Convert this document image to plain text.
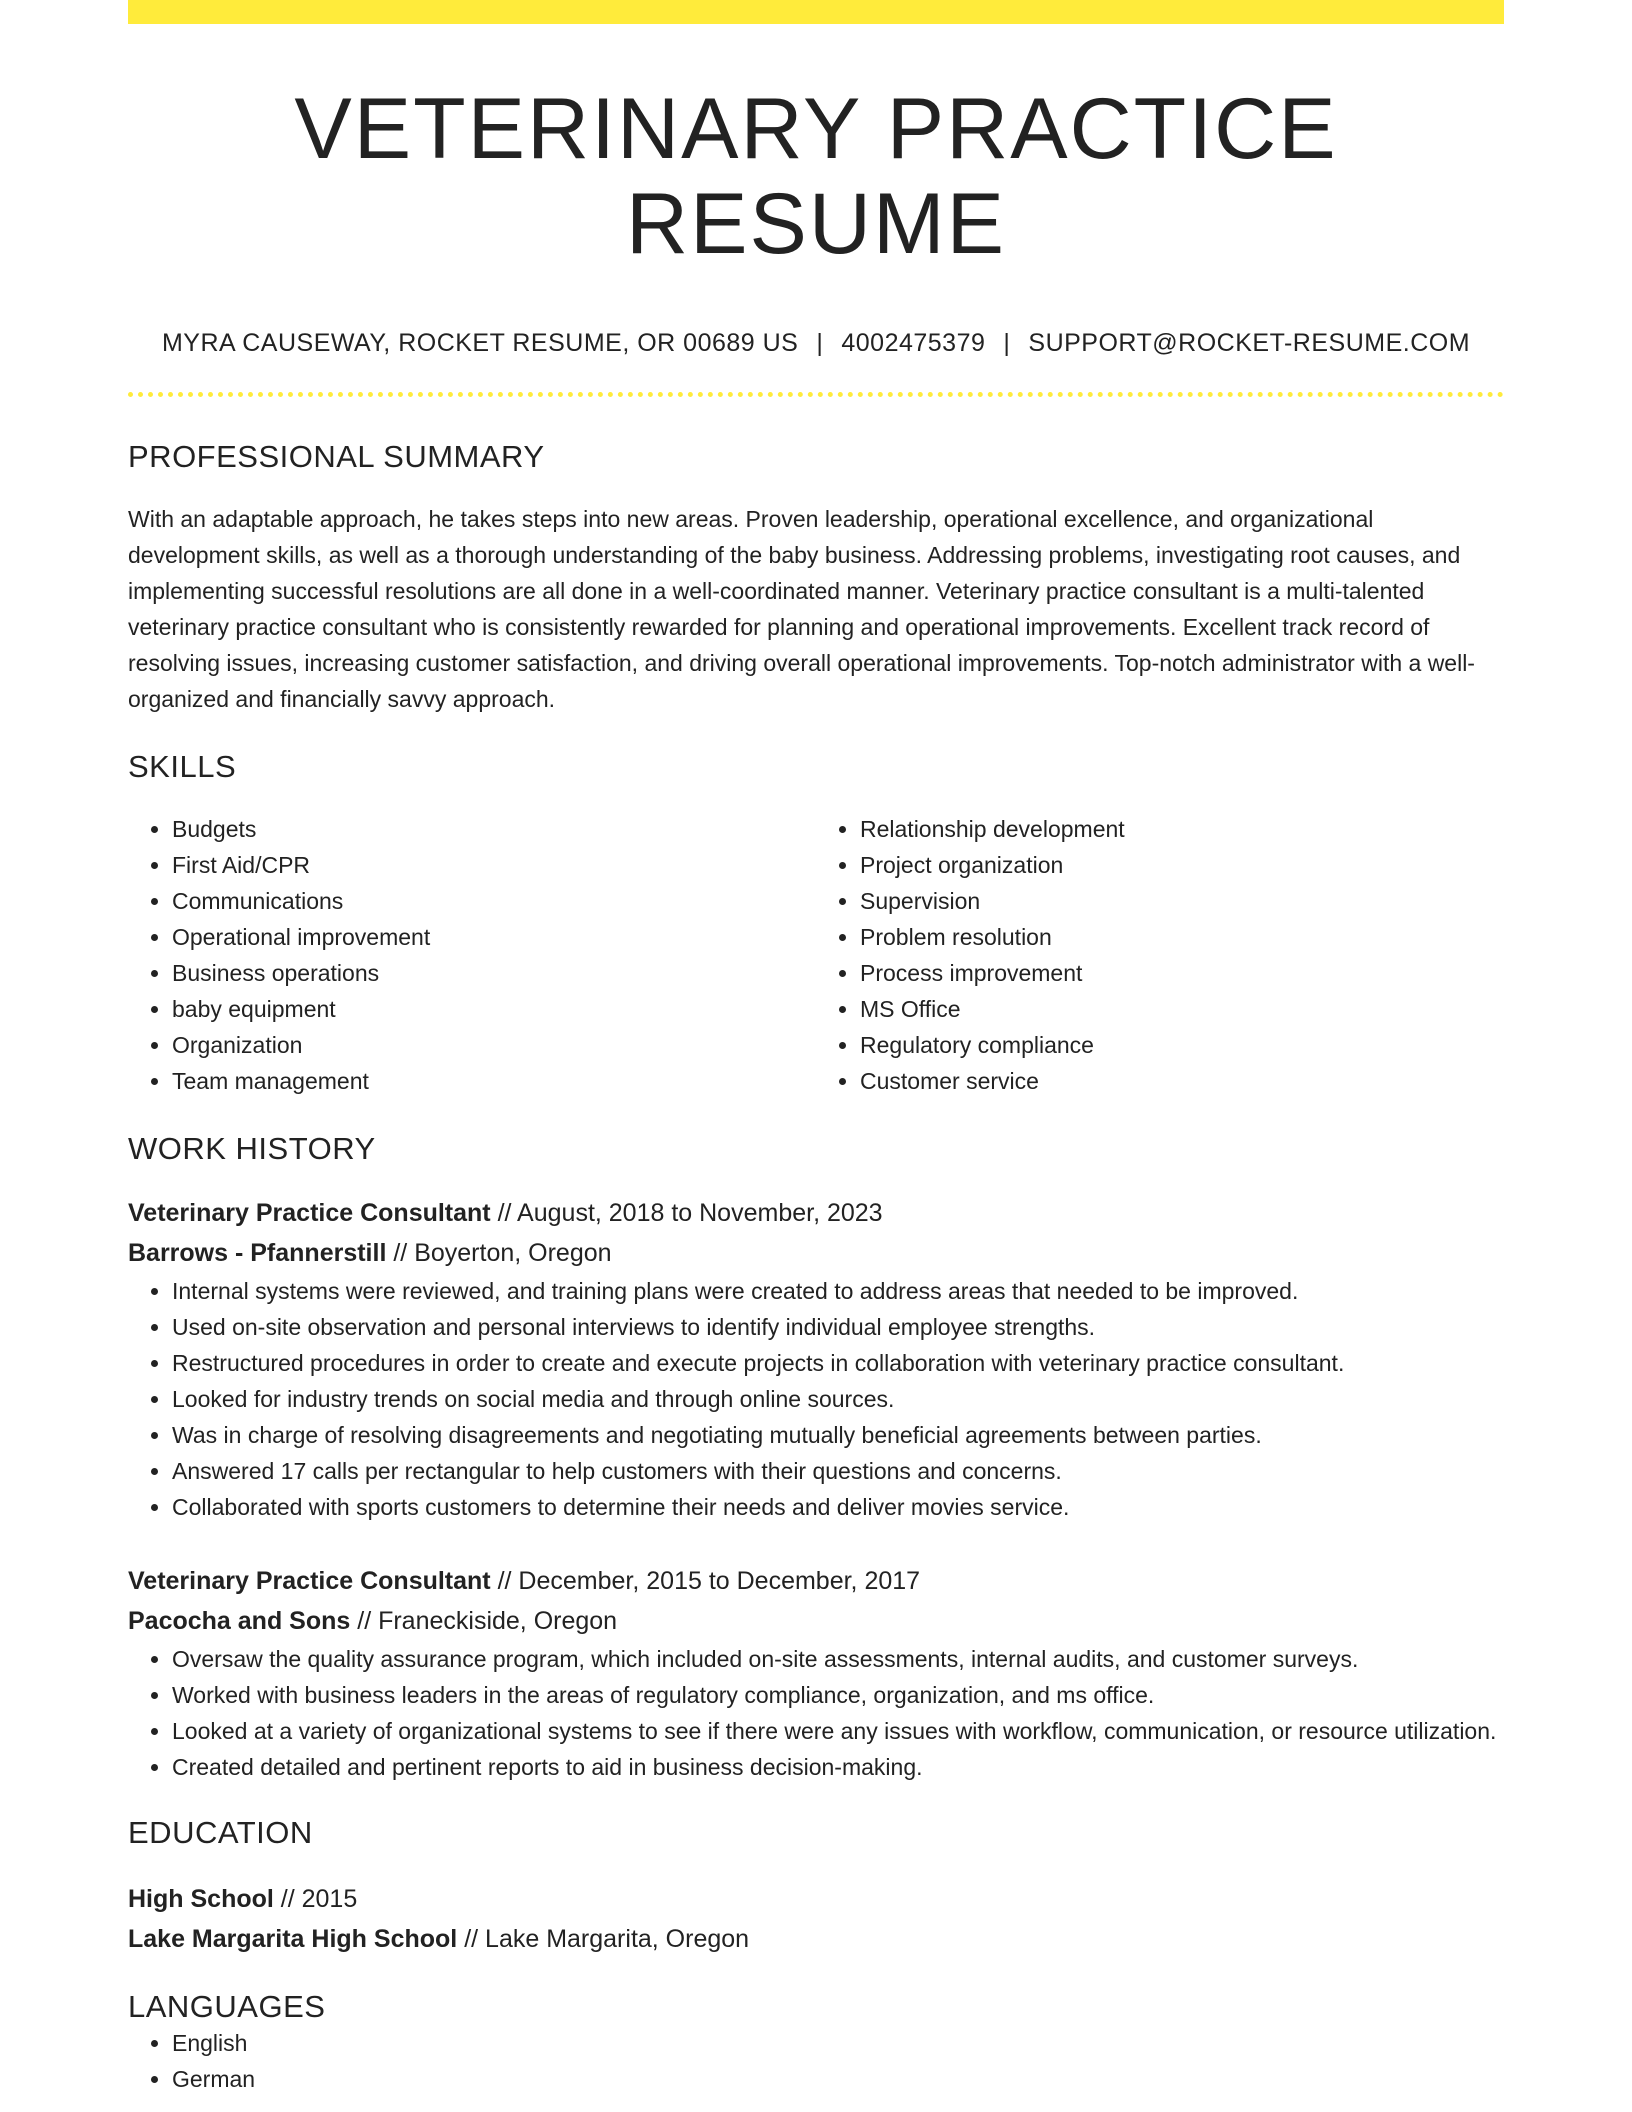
VETERINARY PRACTICE RESUME
MYRA CAUSEWAY, ROCKET RESUME, OR 00689 US | 4002475379 | SUPPORT@ROCKET-RESUME.COM
PROFESSIONAL SUMMARY
With an adaptable approach, he takes steps into new areas. Proven leadership, operational excellence, and organizational development skills, as well as a thorough understanding of the baby business. Addressing problems, investigating root causes, and implementing successful resolutions are all done in a well-coordinated manner. Veterinary practice consultant is a multi-talented veterinary practice consultant who is consistently rewarded for planning and operational improvements. Excellent track record of resolving issues, increasing customer satisfaction, and driving overall operational improvements. Top-notch administrator with a well-organized and financially savvy approach.
SKILLS
• Budgets
• First Aid/CPR
• Communications
• Operational improvement
• Business operations
• baby equipment
• Organization
• Team management
• Relationship development
• Project organization
• Supervision
• Problem resolution
• Process improvement
• MS Office
• Regulatory compliance
• Customer service
WORK HISTORY
Veterinary Practice Consultant // August, 2018 to November, 2023
Barrows - Pfannerstill // Boyerton, Oregon
• Internal systems were reviewed, and training plans were created to address areas that needed to be improved.
• Used on-site observation and personal interviews to identify individual employee strengths.
• Restructured procedures in order to create and execute projects in collaboration with veterinary practice consultant.
• Looked for industry trends on social media and through online sources.
• Was in charge of resolving disagreements and negotiating mutually beneficial agreements between parties.
• Answered 17 calls per rectangular to help customers with their questions and concerns.
• Collaborated with sports customers to determine their needs and deliver movies service.
Veterinary Practice Consultant // December, 2015 to December, 2017
Pacocha and Sons // Franeckiside, Oregon
• Oversaw the quality assurance program, which included on-site assessments, internal audits, and customer surveys.
• Worked with business leaders in the areas of regulatory compliance, organization, and ms office.
• Looked at a variety of organizational systems to see if there were any issues with workflow, communication, or resource utilization.
• Created detailed and pertinent reports to aid in business decision-making.
EDUCATION
High School // 2015
Lake Margarita High School // Lake Margarita, Oregon
LANGUAGES
• English
• German
